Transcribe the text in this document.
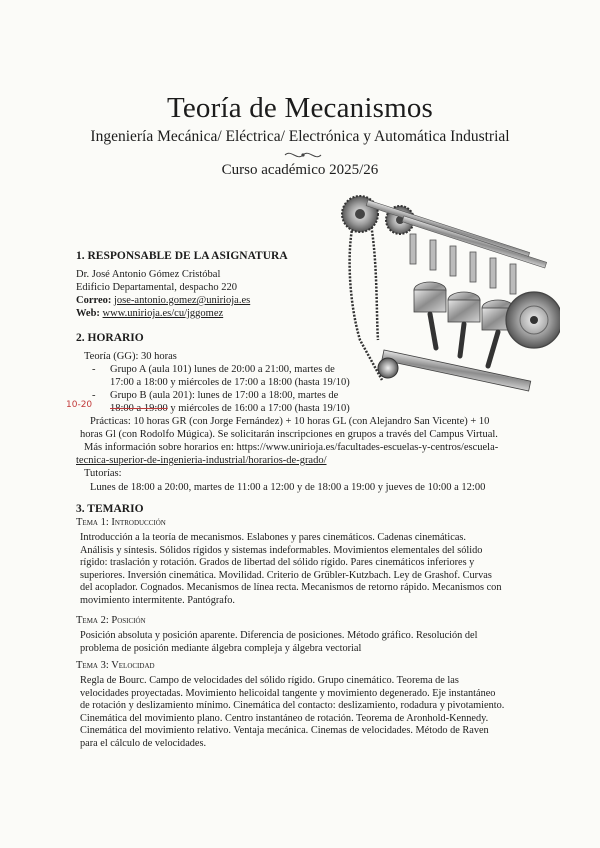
Teoría de Mecanismos
Ingeniería Mecánica/ Eléctrica/ Electrónica y Automática Industrial
Curso académico 2025/26
1. RESPONSABLE DE LA ASIGNATURA
Dr. José Antonio Gómez Cristóbal
Edificio Departamental, despacho 220
Correo: jose-antonio.gomez@unirioja.es
Web: www.unirioja.es/cu/jggomez
2. HORARIO
Teoría (GG): 30 horas
- Grupo A (aula 101) lunes de 20:00 a 21:00, martes de
17:00 a 18:00 y miércoles de 17:00 a 18:00 (hasta 19/10)
- Grupo B (aula 201): lunes de 17:00 a 18:00, martes de
10-20 18:00 a 19:00 y miércoles de 16:00 a 17:00 (hasta 19/10)
Prácticas: 10 horas GR (con Jorge Fernández) + 10 horas GL (con Alejandro San Vicente) + 10
horas Gl (con Rodolfo Múgica). Se solicitarán inscripciones en grupos a través del Campus Virtual.
Más información sobre horarios en: https://www.unirioja.es/facultades-escuelas-y-centros/escuela-
tecnica-superior-de-ingenieria-industrial/horarios-de-grado/
Tutorías:
Lunes de 18:00 a 20:00, martes de 11:00 a 12:00 y de 18:00 a 19:00 y jueves de 10:00 a 12:00
3. TEMARIO
Tema 1: Introducción
Introducción a la teoría de mecanismos. Eslabones y pares cinemáticos. Cadenas cinemáticas.
Análisis y síntesis. Sólidos rígidos y sistemas indeformables. Movimientos elementales del sólido
rígido: traslación y rotación. Grados de libertad del sólido rígido. Pares cinemáticos inferiores y
superiores. Inversión cinemática. Movilidad. Criterio de Grübler-Kutzbach. Ley de Grashof. Curvas
del acoplador. Cognados. Mecanismos de línea recta. Mecanismos de retorno rápido. Mecanismos con
movimiento intermitente. Pantógrafo.
Tema 2: Posición
Posición absoluta y posición aparente. Diferencia de posiciones. Método gráfico. Resolución del
problema de posición mediante álgebra compleja y álgebra vectorial
Tema 3: Velocidad
Regla de Bourc. Campo de velocidades del sólido rígido. Grupo cinemático. Teorema de las
velocidades proyectadas. Movimiento helicoidal tangente y movimiento degenerado. Eje instantáneo
de rotación y deslizamiento mínimo. Cinemática del contacto: deslizamiento, rodadura y pivotamiento.
Cinemática del movimiento plano. Centro instantáneo de rotación. Teorema de Aronhold-Kennedy.
Cinemática del movimiento relativo. Ventaja mecánica. Cinemas de velocidades. Método de Raven
para el cálculo de velocidades.
